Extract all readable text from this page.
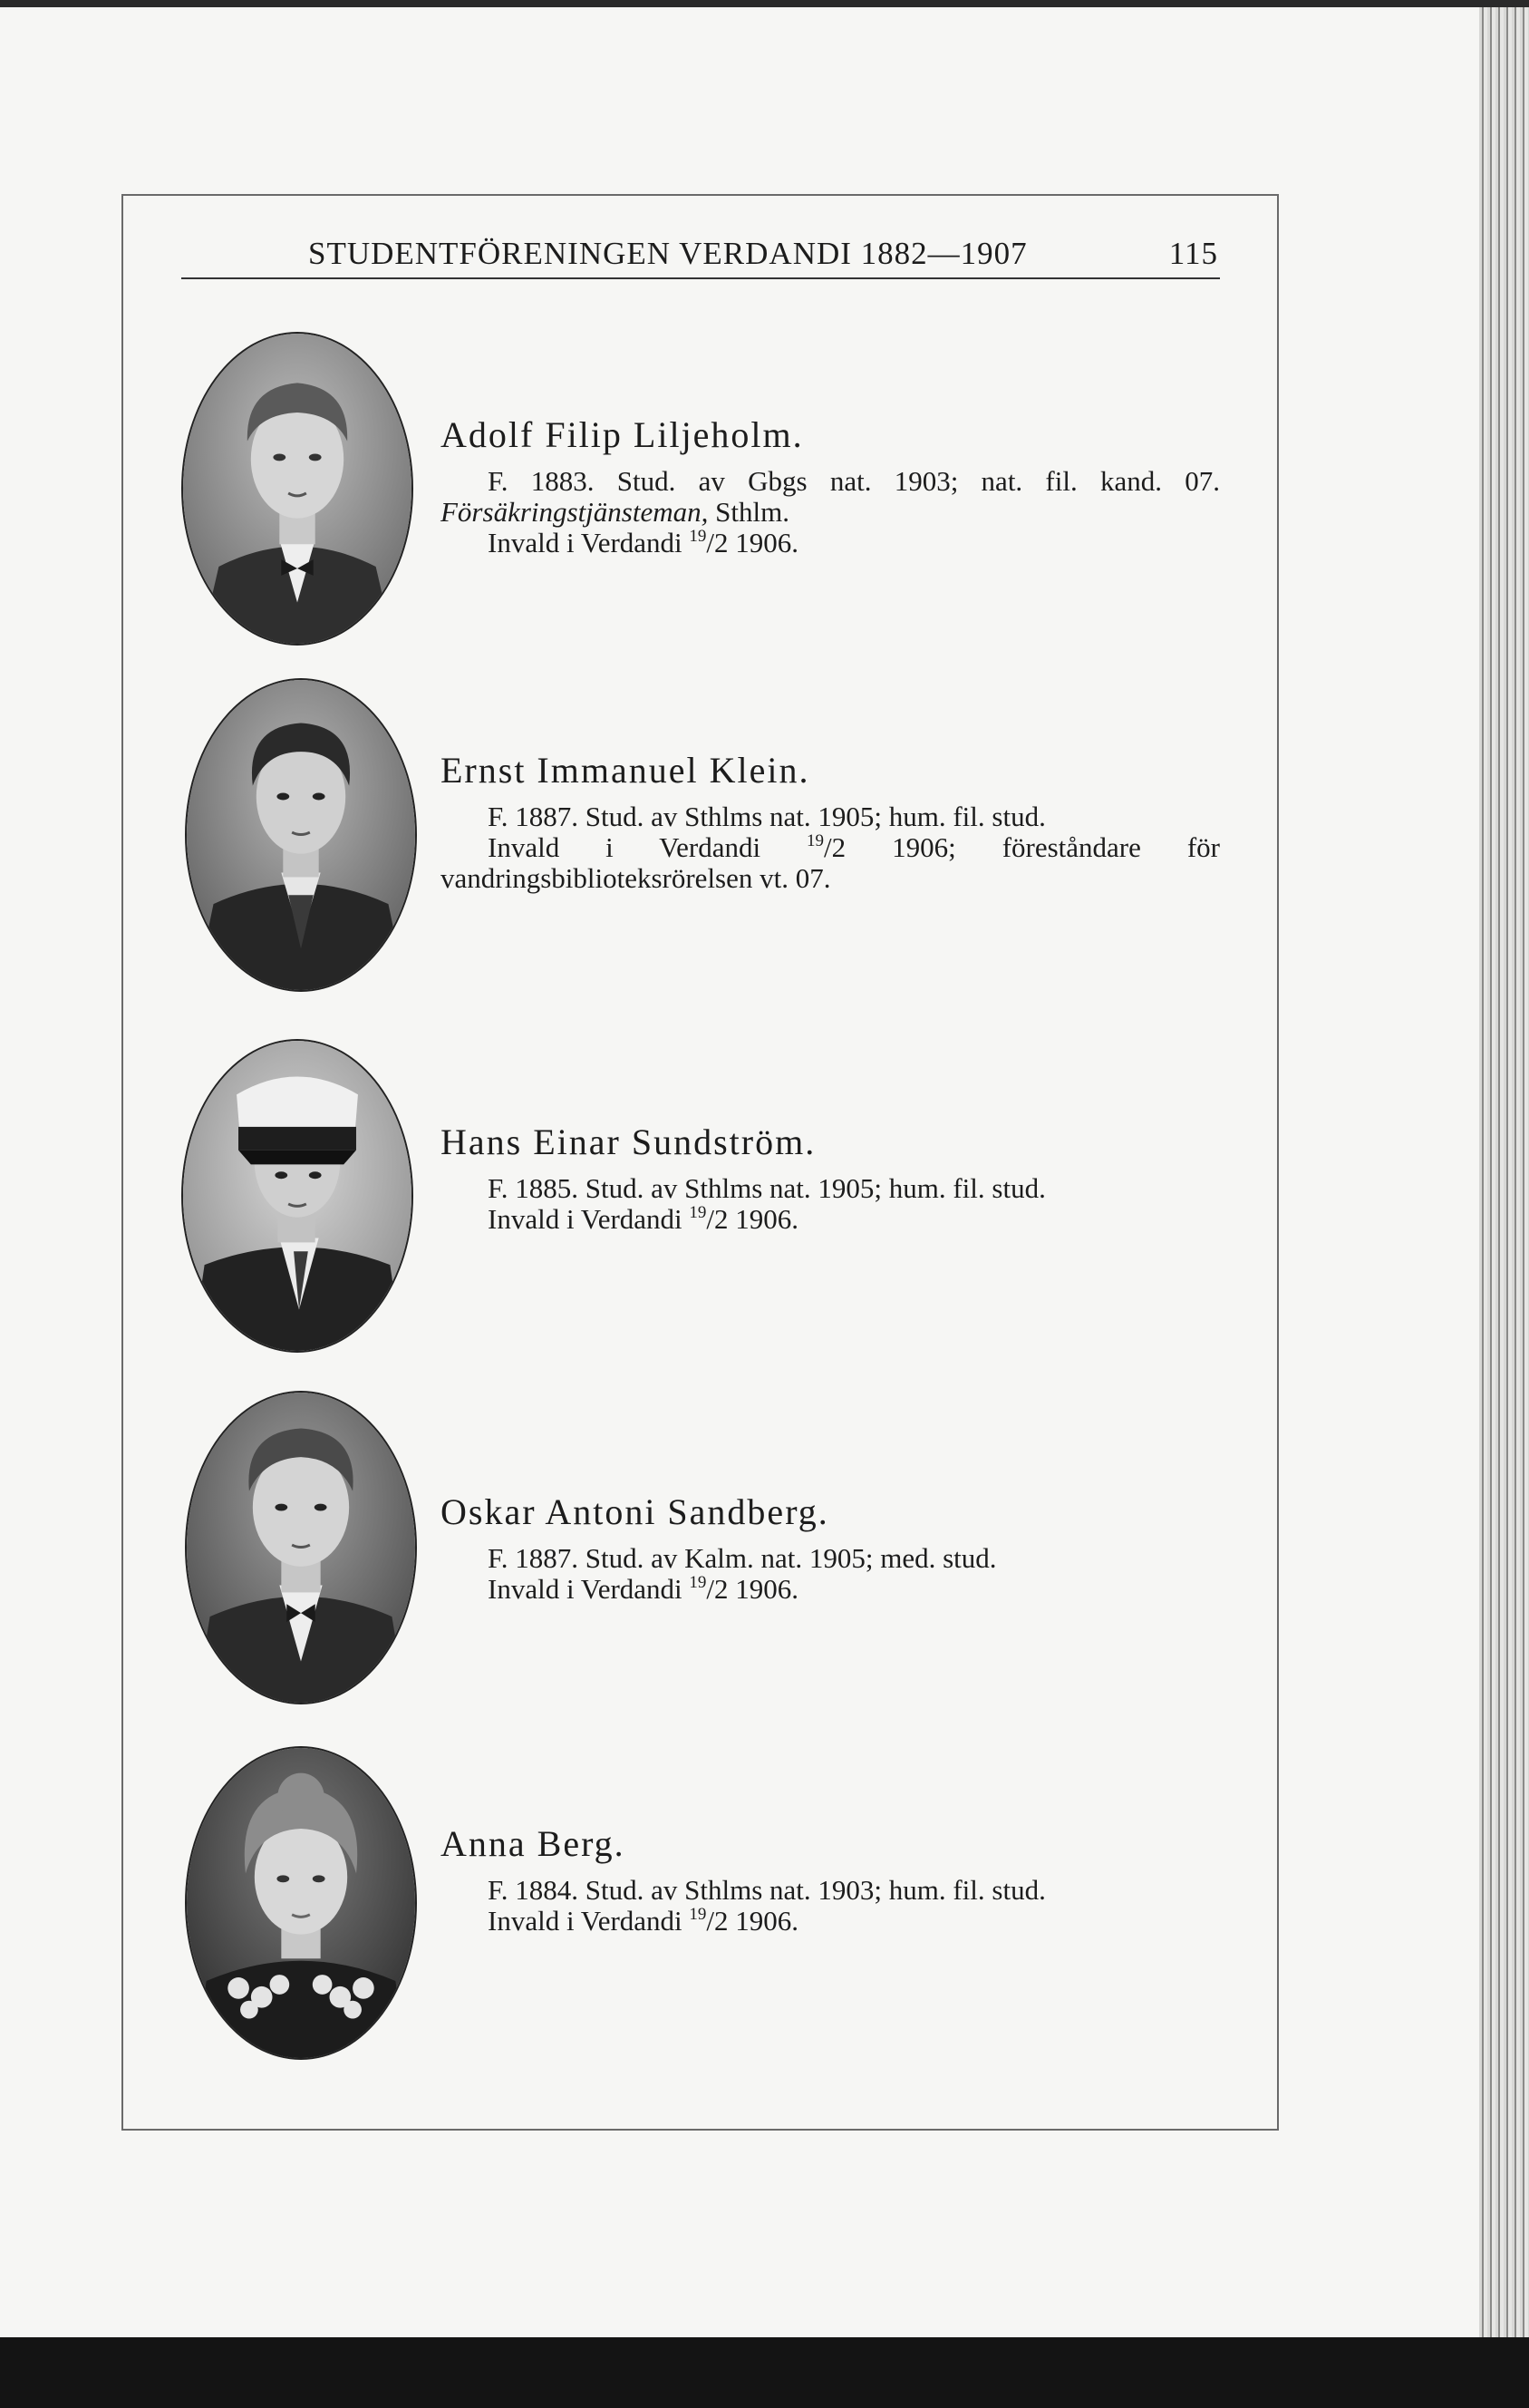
STUDENTFÖRENINGEN VERDANDI 1882—1907	115
Adolf Filip Liljeholm.
F. 1883. Stud. av Gbgs nat. 1903; nat. fil. kand. 07. Försäkringstjänsteman, Sthlm.
Invald i Verdandi $^{19}$/2 1906.
Ernst Immanuel Klein.
F. 1887. Stud. av Sthlms nat. 1905; hum. fil. stud.
Invald i Verdandi $^{19}$/2 1906; föreståndare för vandringsbiblioteksrörelsen vt. 07.
Hans Einar Sundström.
F. 1885. Stud. av Sthlms nat. 1905; hum. fil. stud.
Invald i Verdandi $^{19}$/2 1906.
Oskar Antoni Sandberg.
F. 1887. Stud. av Kalm. nat. 1905; med. stud.
Invald i Verdandi $^{19}$/2 1906.
Anna Berg.
F. 1884. Stud. av Sthlms nat. 1903; hum. fil. stud.
Invald i Verdandi $^{19}$/2 1906.
